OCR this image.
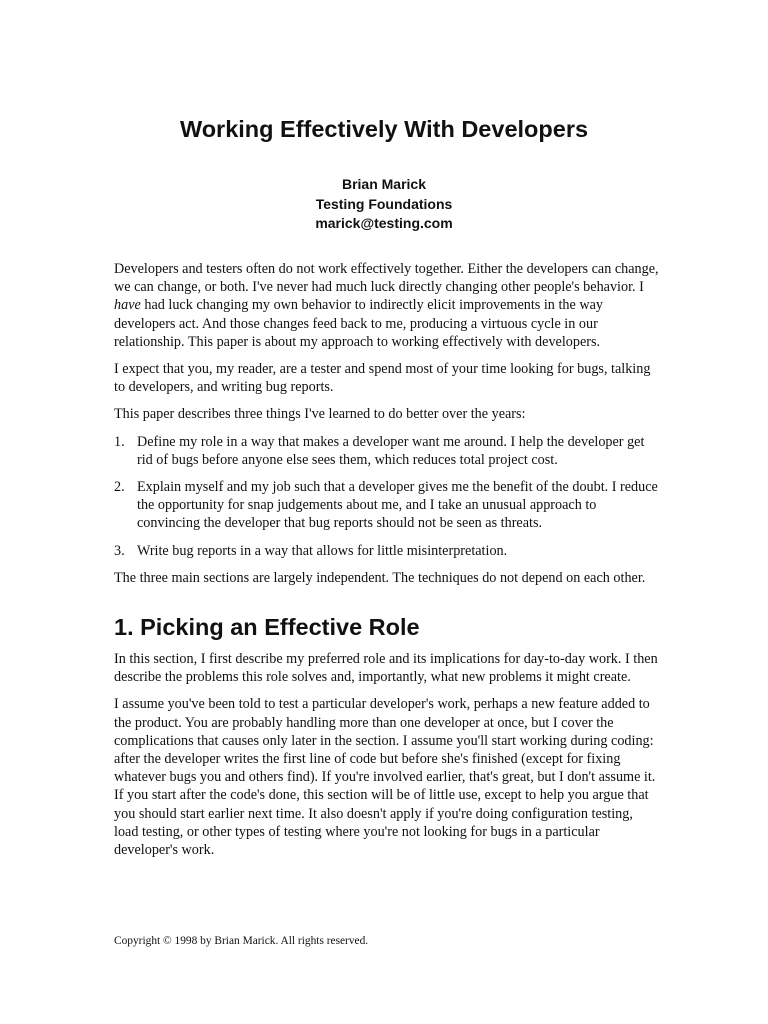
Working Effectively With Developers
Brian Marick
Testing Foundations
marick@testing.com

Developers and testers often do not work effectively together. Either the developers can change, we can change, or both. I've never had much luck directly changing other people's behavior. I have had luck changing my own behavior to indirectly elicit improvements in the way developers act. And those changes feed back to me, producing a virtuous cycle in our relationship. This paper is about my approach to working effectively with developers.

I expect that you, my reader, are a tester and spend most of your time looking for bugs, talking to developers, and writing bug reports.

This paper describes three things I've learned to do better over the years:

1. Define my role in a way that makes a developer want me around. I help the developer get rid of bugs before anyone else sees them, which reduces total project cost.
2. Explain myself and my job such that a developer gives me the benefit of the doubt. I reduce the opportunity for snap judgements about me, and I take an unusual approach to convincing the developer that bug reports should not be seen as threats.
3. Write bug reports in a way that allows for little misinterpretation.

The three main sections are largely independent. The techniques do not depend on each other.

1. Picking an Effective Role

In this section, I first describe my preferred role and its implications for day-to-day work. I then describe the problems this role solves and, importantly, what new problems it might create.

I assume you've been told to test a particular developer's work, perhaps a new feature added to the product. You are probably handling more than one developer at once, but I cover the complications that causes only later in the section. I assume you'll start working during coding: after the developer writes the first line of code but before she's finished (except for fixing whatever bugs you and others find). If you're involved earlier, that's great, but I don't assume it. If you start after the code's done, this section will be of little use, except to help you argue that you should start earlier next time. It also doesn't apply if you're doing configuration testing, load testing, or other types of testing where you're not looking for bugs in a particular developer's work.

Copyright © 1998 by Brian Marick. All rights reserved.
